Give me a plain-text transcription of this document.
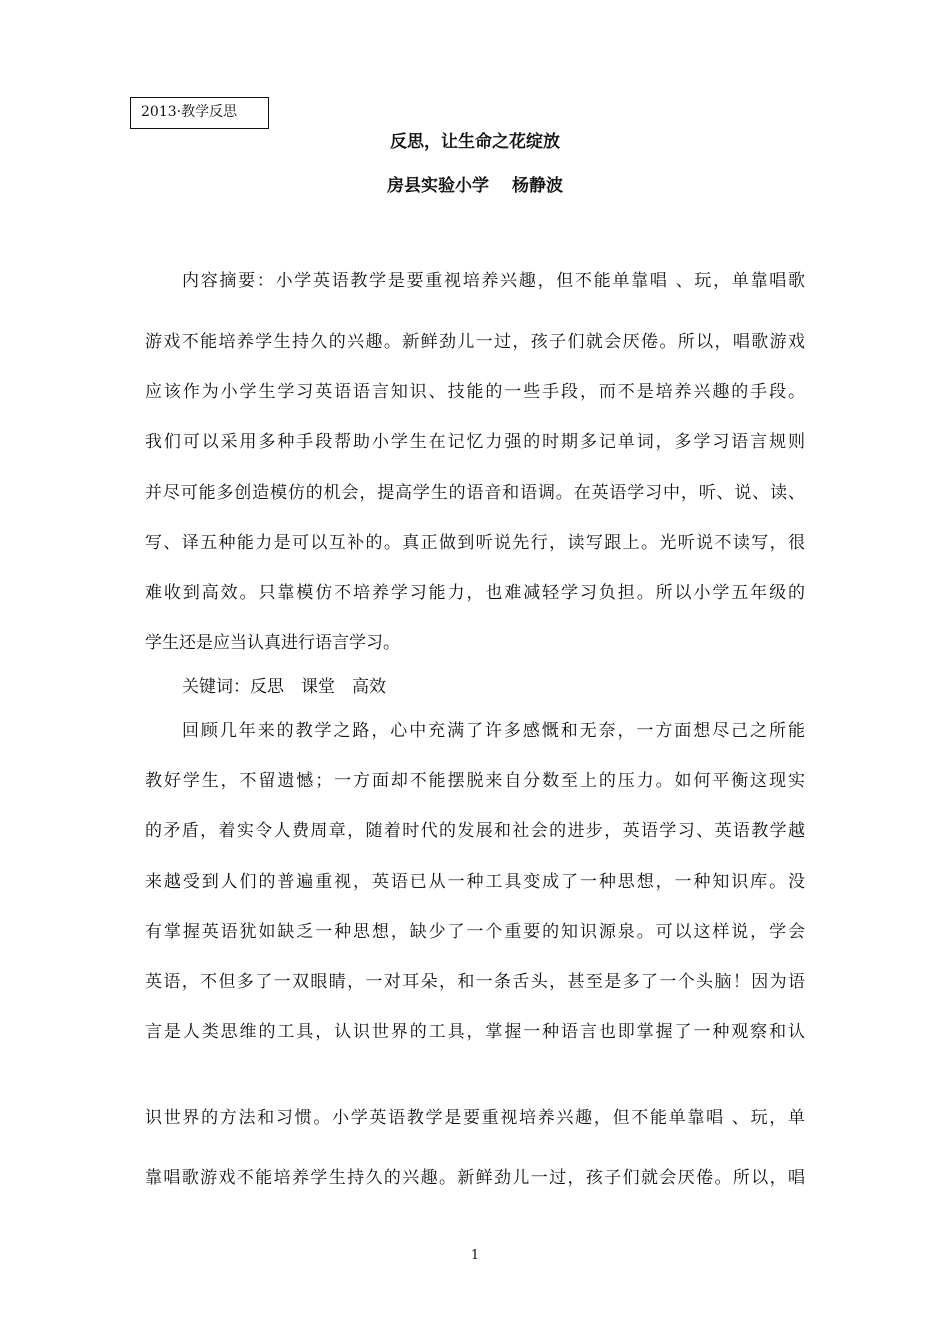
2013·教学反思
反思，让生命之花绽放
房县实验小学　 杨静波
内容摘要：小学英语教学是要重视培养兴趣，但不能单靠唱 、玩，单靠唱歌
游戏不能培养学生持久的兴趣。新鲜劲儿一过，孩子们就会厌倦。所以，唱歌游戏
应该作为小学生学习英语语言知识、技能的一些手段，而不是培养兴趣的手段。
我们可以采用多种手段帮助小学生在记忆力强的时期多记单词，多学习语言规则
并尽可能多创造模仿的机会，提高学生的语音和语调。在英语学习中，听、说、读、
写、译五种能力是可以互补的。真正做到听说先行，读写跟上。光听说不读写，很
难收到高效。只靠模仿不培养学习能力，也难减轻学习负担。所以小学五年级的
学生还是应当认真进行语言学习。
关键词：反思　课堂　高效
回顾几年来的教学之路，心中充满了许多感慨和无奈，一方面想尽己之所能
教好学生，不留遗憾；一方面却不能摆脱来自分数至上的压力。如何平衡这现实
的矛盾，着实令人费周章，随着时代的发展和社会的进步，英语学习、英语教学越
来越受到人们的普遍重视，英语已从一种工具变成了一种思想，一种知识库。没
有掌握英语犹如缺乏一种思想，缺少了一个重要的知识源泉。可以这样说，学会
英语，不但多了一双眼睛，一对耳朵，和一条舌头，甚至是多了一个头脑！因为语
言是人类思维的工具，认识世界的工具，掌握一种语言也即掌握了一种观察和认
识世界的方法和习惯。小学英语教学是要重视培养兴趣，但不能单靠唱 、玩，单
靠唱歌游戏不能培养学生持久的兴趣。新鲜劲儿一过，孩子们就会厌倦。所以，唱
1
